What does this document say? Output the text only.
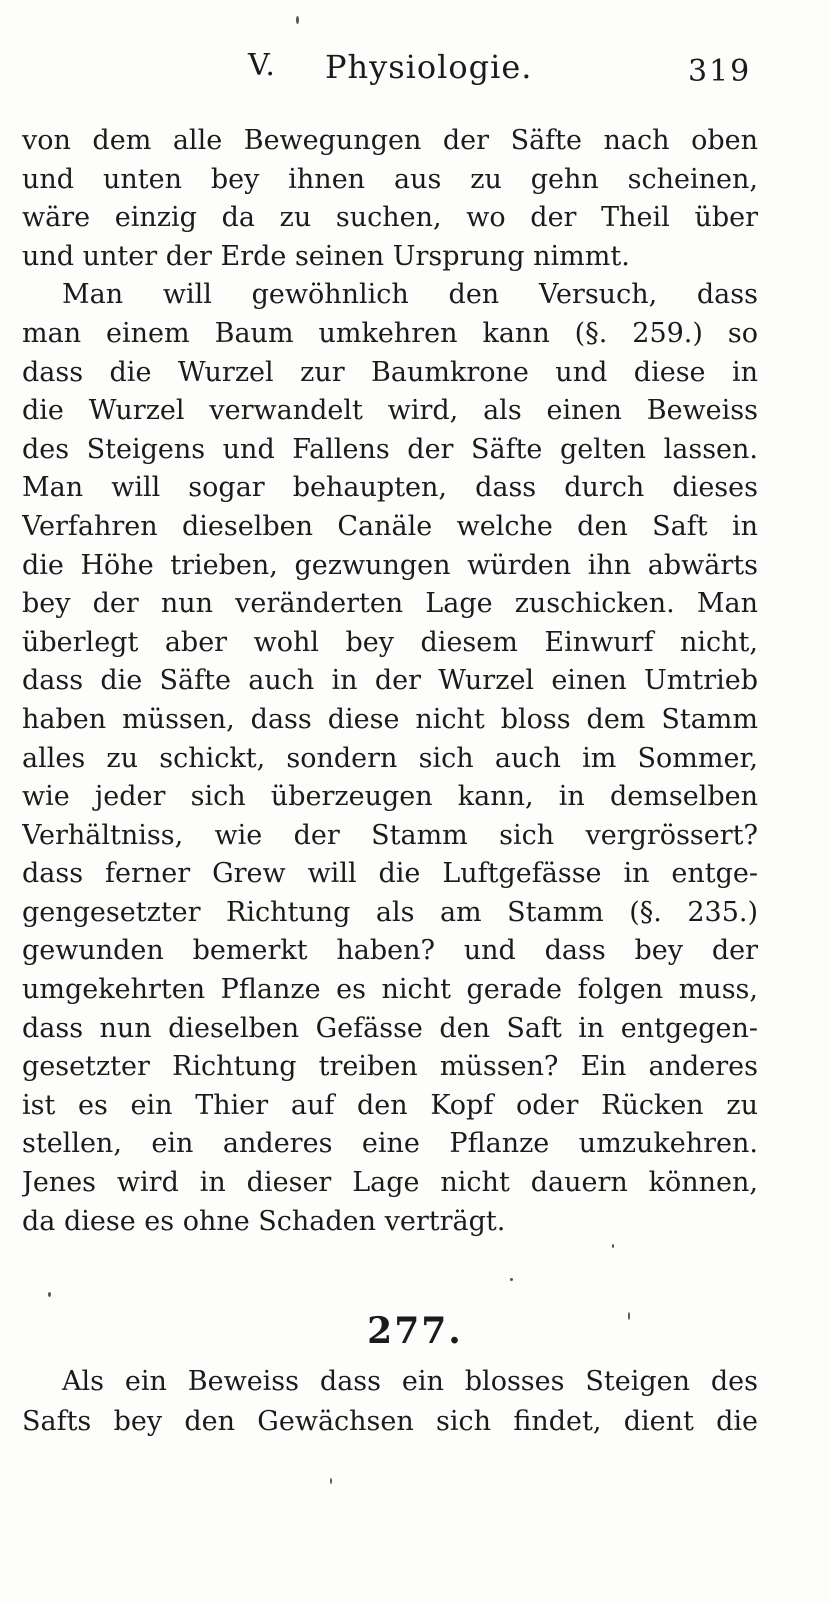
V. Physiologie.	319
von dem alle Bewegungen der Säfte nach oben
und unten bey ihnen aus zu gehn scheinen,
wäre einzig da zu suchen, wo der Theil über
und unter der Erde seinen Ursprung nimmt.
Man will gewöhnlich den Versuch, dass
man einem Baum umkehren kann (§. 259.) so
dass die Wurzel zur Baumkrone und diese in
die Wurzel verwandelt wird, als einen Beweiss
des Steigens und Fallens der Säfte gelten lassen.
Man will sogar behaupten, dass durch dieses
Verfahren dieselben Canäle welche den Saft in
die Höhe trieben, gezwungen würden ihn abwärts
bey der nun veränderten Lage zuschicken. Man
überlegt aber wohl bey diesem Einwurf nicht,
dass die Säfte auch in der Wurzel einen Umtrieb
haben müssen, dass diese nicht bloss dem Stamm
alles zu schickt, sondern sich auch im Sommer,
wie jeder sich überzeugen kann, in demselben
Verhältniss, wie der Stamm sich vergrössert?
dass ferner Grew will die Luftgefässe in entge-
gengesetzter Richtung als am Stamm (§. 235.)
gewunden bemerkt haben? und dass bey der
umgekehrten Pflanze es nicht gerade folgen muss,
dass nun dieselben Gefässe den Saft in entgegen-
gesetzter Richtung treiben müssen? Ein anderes
ist es ein Thier auf den Kopf oder Rücken zu
stellen, ein anderes eine Pflanze umzukehren.
Jenes wird in dieser Lage nicht dauern können,
da diese es ohne Schaden verträgt.
277.
Als ein Beweiss dass ein blosses Steigen des
Safts bey den Gewächsen sich findet, dient die
